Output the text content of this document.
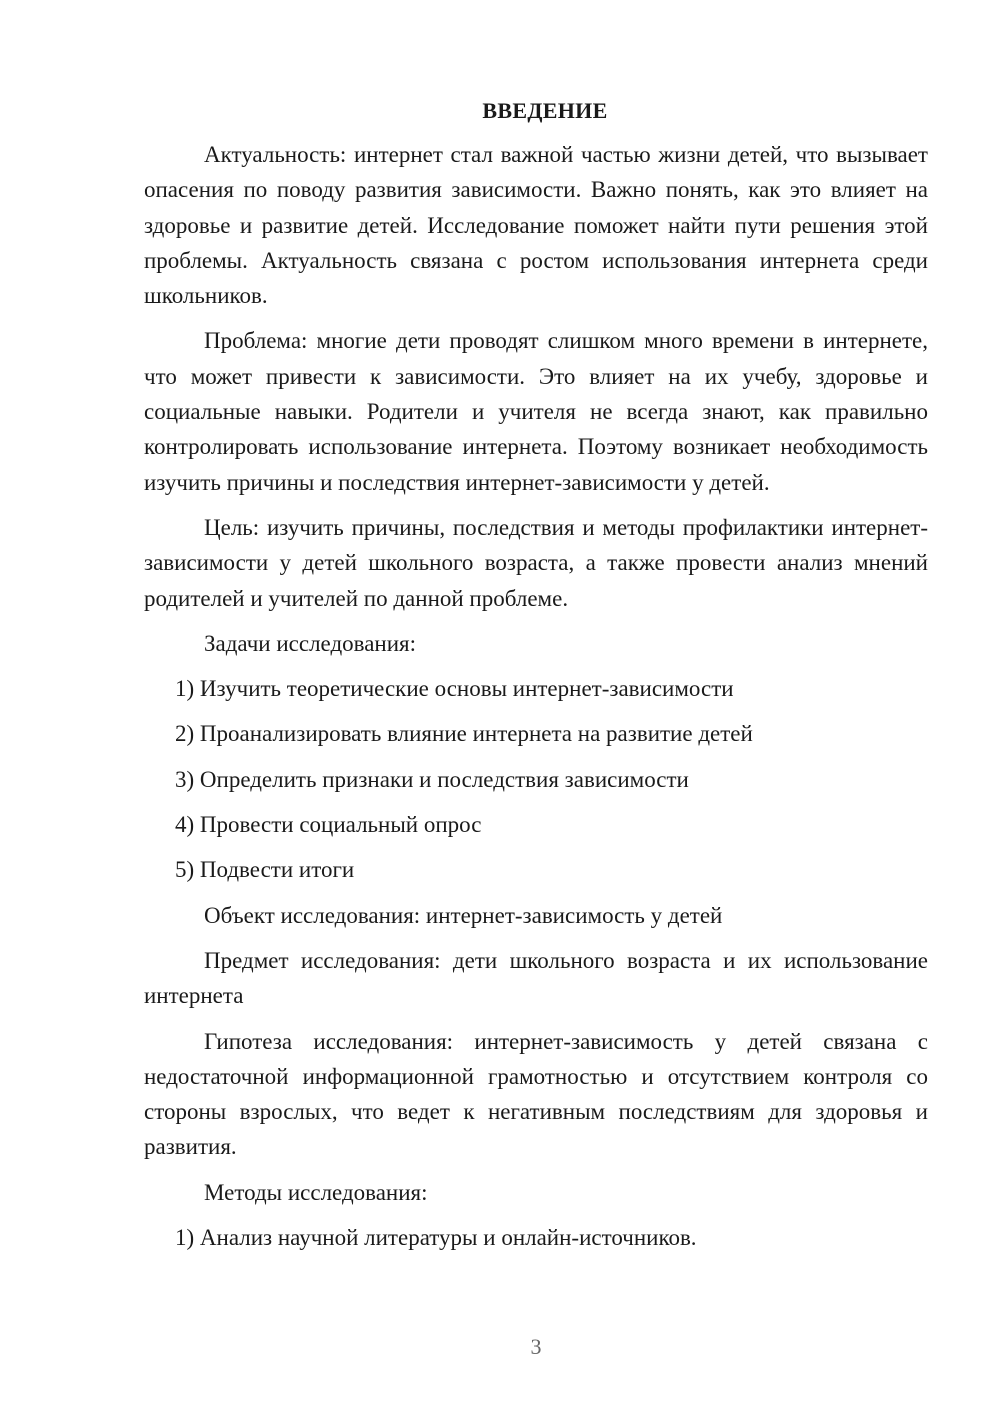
ВВЕДЕНИЕ

Актуальность: интернет стал важной частью жизни детей, что вызывает опасения по поводу развития зависимости. Важно понять, как это влияет на здоровье и развитие детей. Исследование поможет найти пути решения этой проблемы. Актуальность связана с ростом использования интернета среди школьников.

Проблема: многие дети проводят слишком много времени в интернете, что может привести к зависимости. Это влияет на их учебу, здоровье и социальные навыки. Родители и учителя не всегда знают, как правильно контролировать использование интернета. Поэтому возникает необходимость изучить причины и последствия интернет-зависимости у детей.

Цель: изучить причины, последствия и методы профилактики интернет-зависимости у детей школьного возраста, а также провести анализ мнений родителей и учителей по данной проблеме.

Задачи исследования:

1) Изучить теоретические основы интернет-зависимости
2) Проанализировать влияние интернета на развитие детей
3) Определить признаки и последствия зависимости
4) Провести социальный опрос
5) Подвести итоги

Объект исследования: интернет-зависимость у детей

Предмет исследования: дети школьного возраста и их использование интернета

Гипотеза исследования: интернет-зависимость у детей связана с недостаточной информационной грамотностью и отсутствием контроля со стороны взрослых, что ведет к негативным последствиям для здоровья и развития.

Методы исследования:

1) Анализ научной литературы и онлайн-источников.
3
